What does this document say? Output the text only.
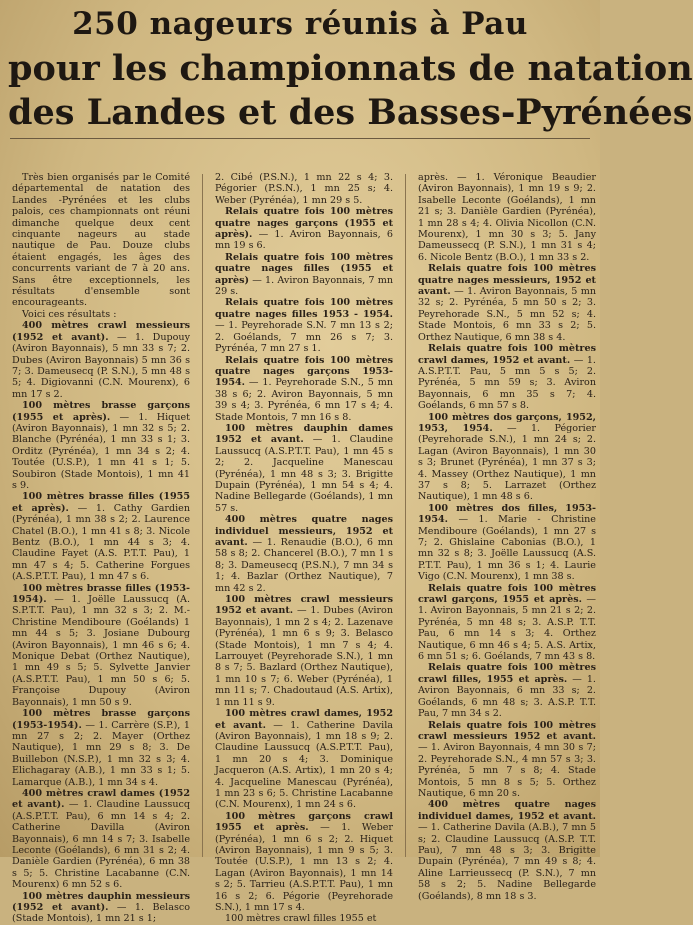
250 nageurs réunis à Pau
pour les championnats de natation
des Landes et des Basses-Pyrénées

Très bien organisés par le Comité départemental de natation des Landes -Pyrénées et les clubs palois, ces championnats ont réuni dimanche quelque deux cent cinquante nageurs au stade nautique de Pau. Douze clubs étaient engagés, les âges des concurrents variant de 7 à 20 ans. Sans être exceptionnels, les résultats d'ensemble sont encourageants.

Voici ces résultats :

400 mètres crawl messieurs (1952 et avant). — 1. Dupouy (Aviron Bayonnais), 5 mn 33 s 7; 2. Dubes (Aviron Bayonnais) 5 mn 36 s 7; 3. Dameusecq (P. S.N.), 5 mn 48 s 5; 4. Digiovanni (C.N. Mourenx), 6 mn 17 s 2.

100 mètres brasse garçons (1955 et après). — 1. Hiquet (Aviron Bayonnais), 1 mn 32 s 5; 2. Blanche (Pyrénéa), 1 mn 33 s 1; 3. Orditz (Pyrénéa), 1 mn 34 s 2; 4. Toutée (U.S.P.), 1 mn 41 s 1; 5. Soubiron (Stade Montois), 1 mn 41 s 9.

100 mètres brasse filles (1955 et après). — 1. Cathy Gardien (Pyrénéa), 1 mn 38 s 2; 2. Laurence Chatel (B.O.), 1 mn 41 s 8; 3. Nicole Bentz (B.O.), 1 mn 44 s 3; 4. Claudine Fayet (A.S. P.T.T. Pau), 1 mn 47 s 4; 5. Catherine Forgues (A.S.P.T.T. Pau), 1 mn 47 s 6.

100 mètres brasse filles (1953-1954). — 1. Joëlle Laussucq (A. S.P.T.T. Pau), 1 mn 32 s 3; 2. M.-Christine Mendiboure (Goélands) 1 mn 44 s 5; 3. Josiane Dubourg (Aviron Bayonnais), 1 mn 46 s 6; 4. Monique Debat (Orthez Nautique), 1 mn 49 s 5; 5. Sylvette Janvier (A.S.P.T.T. Pau), 1 mn 50 s 6; 5. Françoise Dupouy (Aviron Bayonnais), 1 mn 50 s 9.

100 mètres brasse garçons (1953-1954). — 1. Carrère (S.P.), 1 mn 27 s 2; 2. Mayer (Orthez Nautique), 1 mn 29 s 8; 3. De Buillebon (N.S.P.), 1 mn 32 s 3; 4. Elichagaray (A.B.), 1 mn 33 s 1; 5. Lamarque (A.B.), 1 mn 34 s 4.

400 mètres crawl dames (1952 et avant). — 1. Claudine Laussucq (A.S.P.T.T. Pau), 6 mn 14 s 4; 2. Catherine Davilla (Aviron Bayonnais), 6 mn 14 s 7; 3. Isabelle Leconte (Goélands), 6 mn 31 s 2; 4. Danièle Gardien (Pyrénéa), 6 mn 38 s 5; 5. Christine Lacabanne (C.N. Mourenx) 6 mn 52 s 6.

100 mètres dauphin messieurs (1952 et avant). — 1. Belasco (Stade Montois), 1 mn 21 s 1;

2. Cibé (P.S.N.), 1 mn 22 s 4; 3. Pégorier (P.S.N.), 1 mn 25 s; 4. Weber (Pyrénéa), 1 mn 29 s 5.

Relais quatre fois 100 mètres quatre nages garçons (1955 et après). — 1. Aviron Bayonnais, 6 mn 19 s 6.

Relais quatre fois 100 mètres quatre nages filles (1955 et après) — 1. Aviron Bayonnais, 7 mn 29 s.

Relais quatre fois 100 mètres quatre nages filles 1953 - 1954. — 1. Peyrehorade S.N. 7 mn 13 s 2; 2. Goélands, 7 mn 26 s 7; 3. Pyrénéa, 7 mn 27 s 1.

Relais quatre fois 100 mètres quatre nages garçons 1953-1954. — 1. Peyrehorade S.N., 5 mn 38 s 6; 2. Aviron Bayonnais, 5 mn 39 s 4; 3. Pyrénéa, 6 mn 17 s 4; 4. Stade Montois, 7 mn 16 s 8.

100 mètres dauphin dames 1952 et avant. — 1. Claudine Laussucq (A.S.P.T.T. Pau), 1 mn 45 s 2; 2. Jacqueline Manescau (Pyrénéa), 1 mn 48 s 3; 3. Brigitte Dupain (Pyrénéa), 1 mn 54 s 4; 4. Nadine Bellegarde (Goélands), 1 mn 57 s.

400 mètres quatre nages individuel messieurs, 1952 et avant. — 1. Renaudie (B.O.), 6 mn 58 s 8; 2. Chancerel (B.O.), 7 mn 1 s 8; 3. Dameusecq (P.S.N.), 7 mn 34 s 1; 4. Bazlar (Orthez Nautique), 7 mn 42 s 2.

100 mètres crawl messieurs 1952 et avant. — 1. Dubes (Aviron Bayonnais), 1 mn 2 s 4; 2. Lazenave (Pyrénéa), 1 mn 6 s 9; 3. Belasco (Stade Montois), 1 mn 7 s 4; 4. Larrouyet (Peyrehorade S.N.), 1 mn 8 s 7; 5. Bazlard (Orthez Nautique), 1 mn 10 s 7; 6. Weber (Pyrénéa), 1 mn 11 s; 7. Chadoutaud (A.S. Artix), 1 mn 11 s 9.

100 mètres crawl dames, 1952 et avant. — 1. Catherine Davila (Aviron Bayonnais), 1 mn 18 s 9; 2. Claudine Laussucq (A.S.P.T.T. Pau), 1 mn 20 s 4; 3. Dominique Jacqueron (A.S. Artix), 1 mn 20 s 4; 4. Jacqueline Manescau (Pyrénéa), 1 mn 23 s 6; 5. Christine Lacabanne (C.N. Mourenx), 1 mn 24 s 6.

100 mètres garçons crawl 1955 et après. — 1. Weber (Pyrénéa), 1 mn 6 s 2; 2. Hiquet (Aviron Bayonnais), 1 mn 9 s 5; 3. Toutée (U.S.P.), 1 mn 13 s 2; 4. Lagan (Aviron Bayonnais), 1 mn 14 s 2; 5. Tarrieu (A.S.P.T.T. Pau), 1 mn 16 s 2; 6. Pégorie (Peyrehorade S.N.), 1 mn 17 s 4.

100 mètres crawl filles 1955 et

après. — 1. Véronique Beaudier (Aviron Bayonnais), 1 mn 19 s 9; 2. Isabelle Leconte (Goélands), 1 mn 21 s; 3. Danièle Gardien (Pyrénéa), 1 mn 28 s 4; 4. Olivia Nicollon (C.N. Mourenx), 1 mn 30 s 3; 5. Jany Dameussecq (P. S.N.), 1 mn 31 s 4; 6. Nicole Bentz (B.O.), 1 mn 33 s 2.

Relais quatre fois 100 mètres quatre nages messieurs, 1952 et avant. — 1. Aviron Bayonnais, 5 mn 32 s; 2. Pyrénéa, 5 mn 50 s 2; 3. Peyrehorade S.N., 5 mn 52 s; 4. Stade Montois, 6 mn 33 s 2; 5. Orthez Nautique, 6 mn 38 s 4.

Relais quatre fois 100 mètres crawl dames, 1952 et avant. — 1. A.S.P.T.T. Pau, 5 mn 5 s 5; 2. Pyrénéa, 5 mn 59 s; 3. Aviron Bayonnais, 6 mn 35 s 7; 4. Goélands, 6 mn 57 s 8.

100 mètres dos garçons, 1952, 1953, 1954. — 1. Pégorier (Peyrehorade S.N.), 1 mn 24 s; 2. Lagan (Aviron Bayonnais), 1 mn 30 s 3; Brunet (Pyrénéa), 1 mn 37 s 3; 4. Massey (Orthez Nautique), 1 mn 37 s 8; 5. Larrazet (Orthez Nautique), 1 mn 48 s 6.

100 mètres dos filles, 1953-1954. — 1. Marie - Christine Mendiboure (Goélands), 1 mn 27 s 7; 2. Ghislaine Cabonias (B.O.), 1 mn 32 s 8; 3. Joëlle Laussucq (A.S. P.T.T. Pau), 1 mn 36 s 1; 4. Laurie Vigo (C.N. Mourenx), 1 mn 38 s.

Relais quatre fois 100 mètres crawl garçons, 1955 et après. — 1. Aviron Bayonnais, 5 mn 21 s 2; 2. Pyrénéa, 5 mn 48 s; 3. A.S.P. T.T. Pau, 6 mn 14 s 3; 4. Orthez Nautique, 6 mn 46 s 4; 5. A.S. Artix, 6 mn 51 s; 6. Goélands, 7 mn 43 s 8.

Relais quatre fois 100 mètres crawl filles, 1955 et après. — 1. Aviron Bayonnais, 6 mn 33 s; 2. Goélands, 6 mn 48 s; 3. A.S.P. T.T. Pau, 7 mn 34 s 2.

Relais quatre fois 100 mètres crawl messieurs 1952 et avant. — 1. Aviron Bayonnais, 4 mn 30 s 7; 2. Peyrehorade S.N., 4 mn 57 s 3; 3. Pyrénéa, 5 mn 7 s 8; 4. Stade Montois, 5 mn 8 s 5; 5. Orthez Nautique, 6 mn 20 s.

400 mètres quatre nages individuel dames, 1952 et avant. — 1. Catherine Davila (A.B.), 7 mn 5 s; 2. Claudine Laussucq (A.S.P. T.T. Pau), 7 mn 48 s 3; 3. Brigitte Dupain (Pyrénéa), 7 mn 49 s 8; 4. Aline Larrieussecq (P. S.N.), 7 mn 58 s 2; 5. Nadine Bellegarde (Goélands), 8 mn 18 s 3.
